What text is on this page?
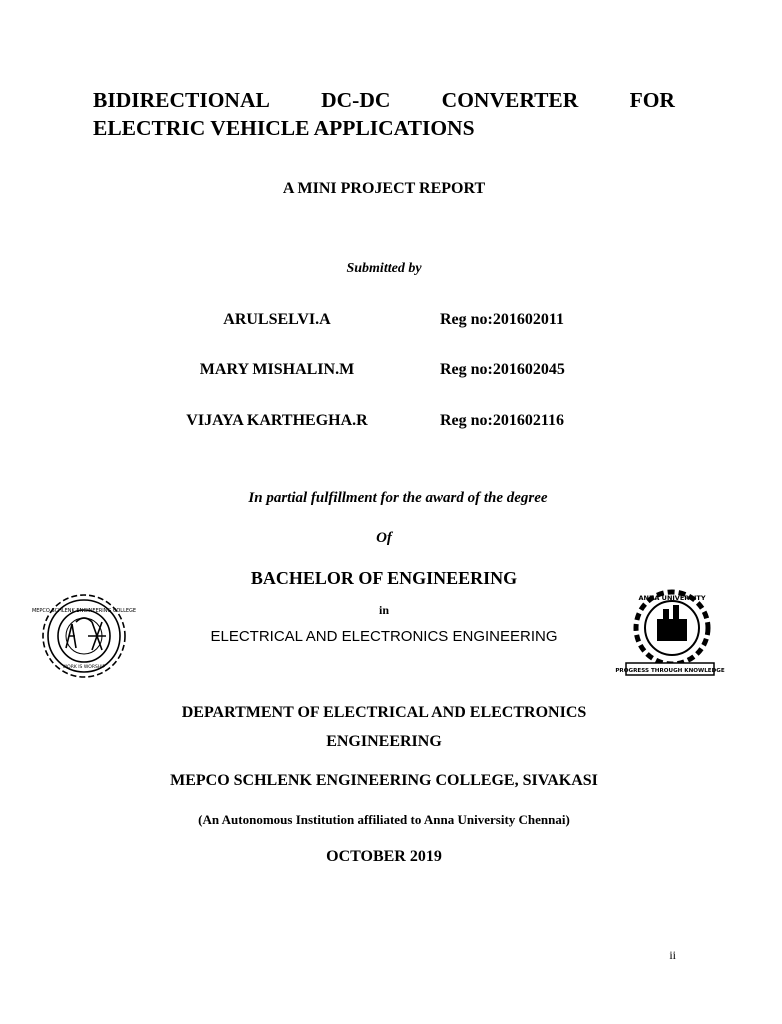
BIDIRECTIONAL DC-DC CONVERTER FOR
ELECTRIC VEHICLE APPLICATIONS
A MINI PROJECT REPORT
Submitted by
ARULSELVI.A	Reg no:201602011
MARY MISHALIN.M	Reg no:201602045
VIJAYA KARTHEGHA.R	Reg no:201602116
In partial fulfillment for the award of the degree
Of
BACHELOR OF ENGINEERING
in
ELECTRICAL AND ELECTRONICS ENGINEERING
MEPCO SCHLENK ENGINEERING COLLEGE
WORK IS WORSHIP
ANNA UNIVERSITY
PROGRESS THROUGH KNOWLEDGE
DEPARTMENT OF ELECTRICAL AND ELECTRONICS
ENGINEERING
MEPCO SCHLENK ENGINEERING COLLEGE, SIVAKASI
(An Autonomous Institution affiliated to Anna University Chennai)
OCTOBER 2019
ii
